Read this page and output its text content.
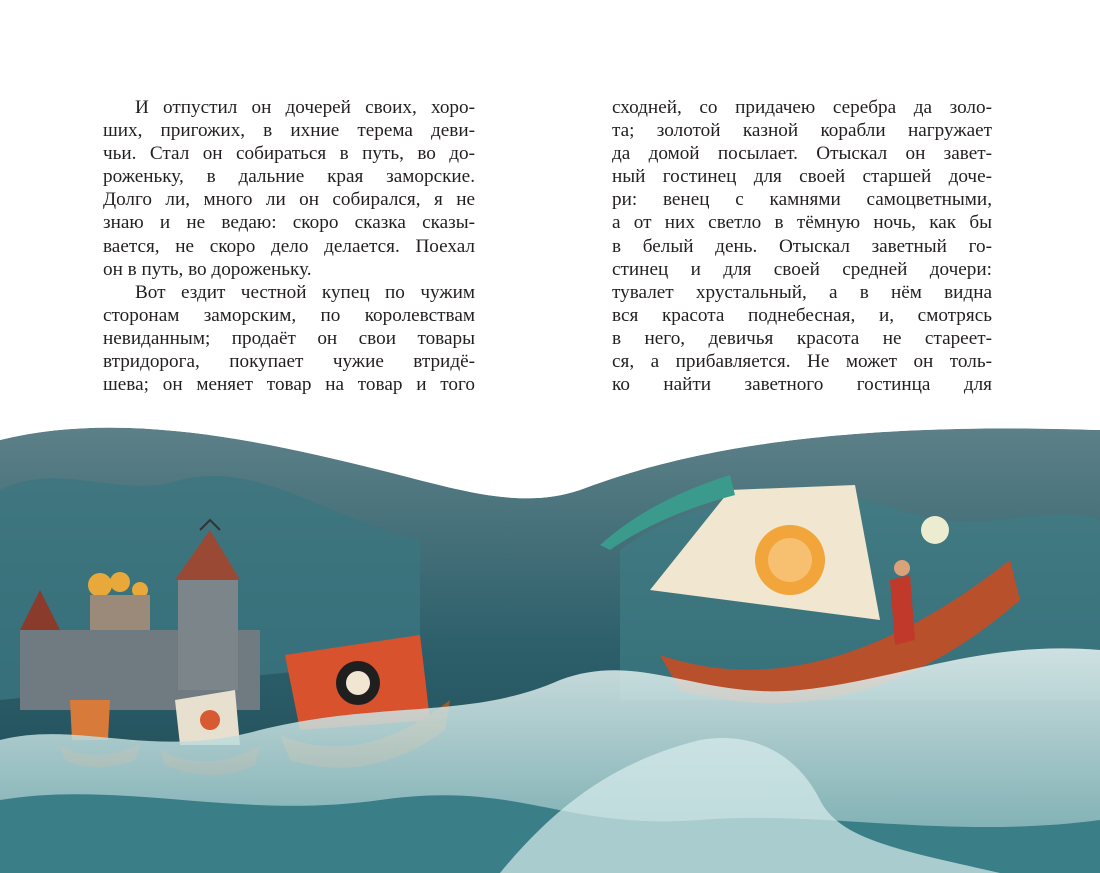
И отпустил он дочерей своих, хоро-
ших, пригожих, в ихние терема деви-
чьи. Стал он собираться в путь, во до-
роженьку, в дальние края заморские.
Долго ли, много ли он собирался, я не
знаю и не ведаю: скоро сказка сказы-
вается, не скоро дело делается. Поехал
он в путь, во дороженьку.
Вот ездит честной купец по чужим
сторонам заморским, по королевствам
невиданным; продаёт он свои товары
втридорога, покупает чужие втридё-
шева; он меняет товар на товар и того
сходней, со придачею серебра да золо-
та; золотой казной корабли нагружает
да домой посылает. Отыскал он завет-
ный гостинец для своей старшей доче-
ри: венец с камнями самоцветными,
а от них светло в тёмную ночь, как бы
в белый день. Отыскал заветный го-
стинец и для своей средней дочери:
тувалет хрустальный, а в нём видна
вся красота поднебесная, и, смотрясь
в него, девичья красота не стареет-
ся, а прибавляется. Не может он толь-
ко найти заветного гостинца для
